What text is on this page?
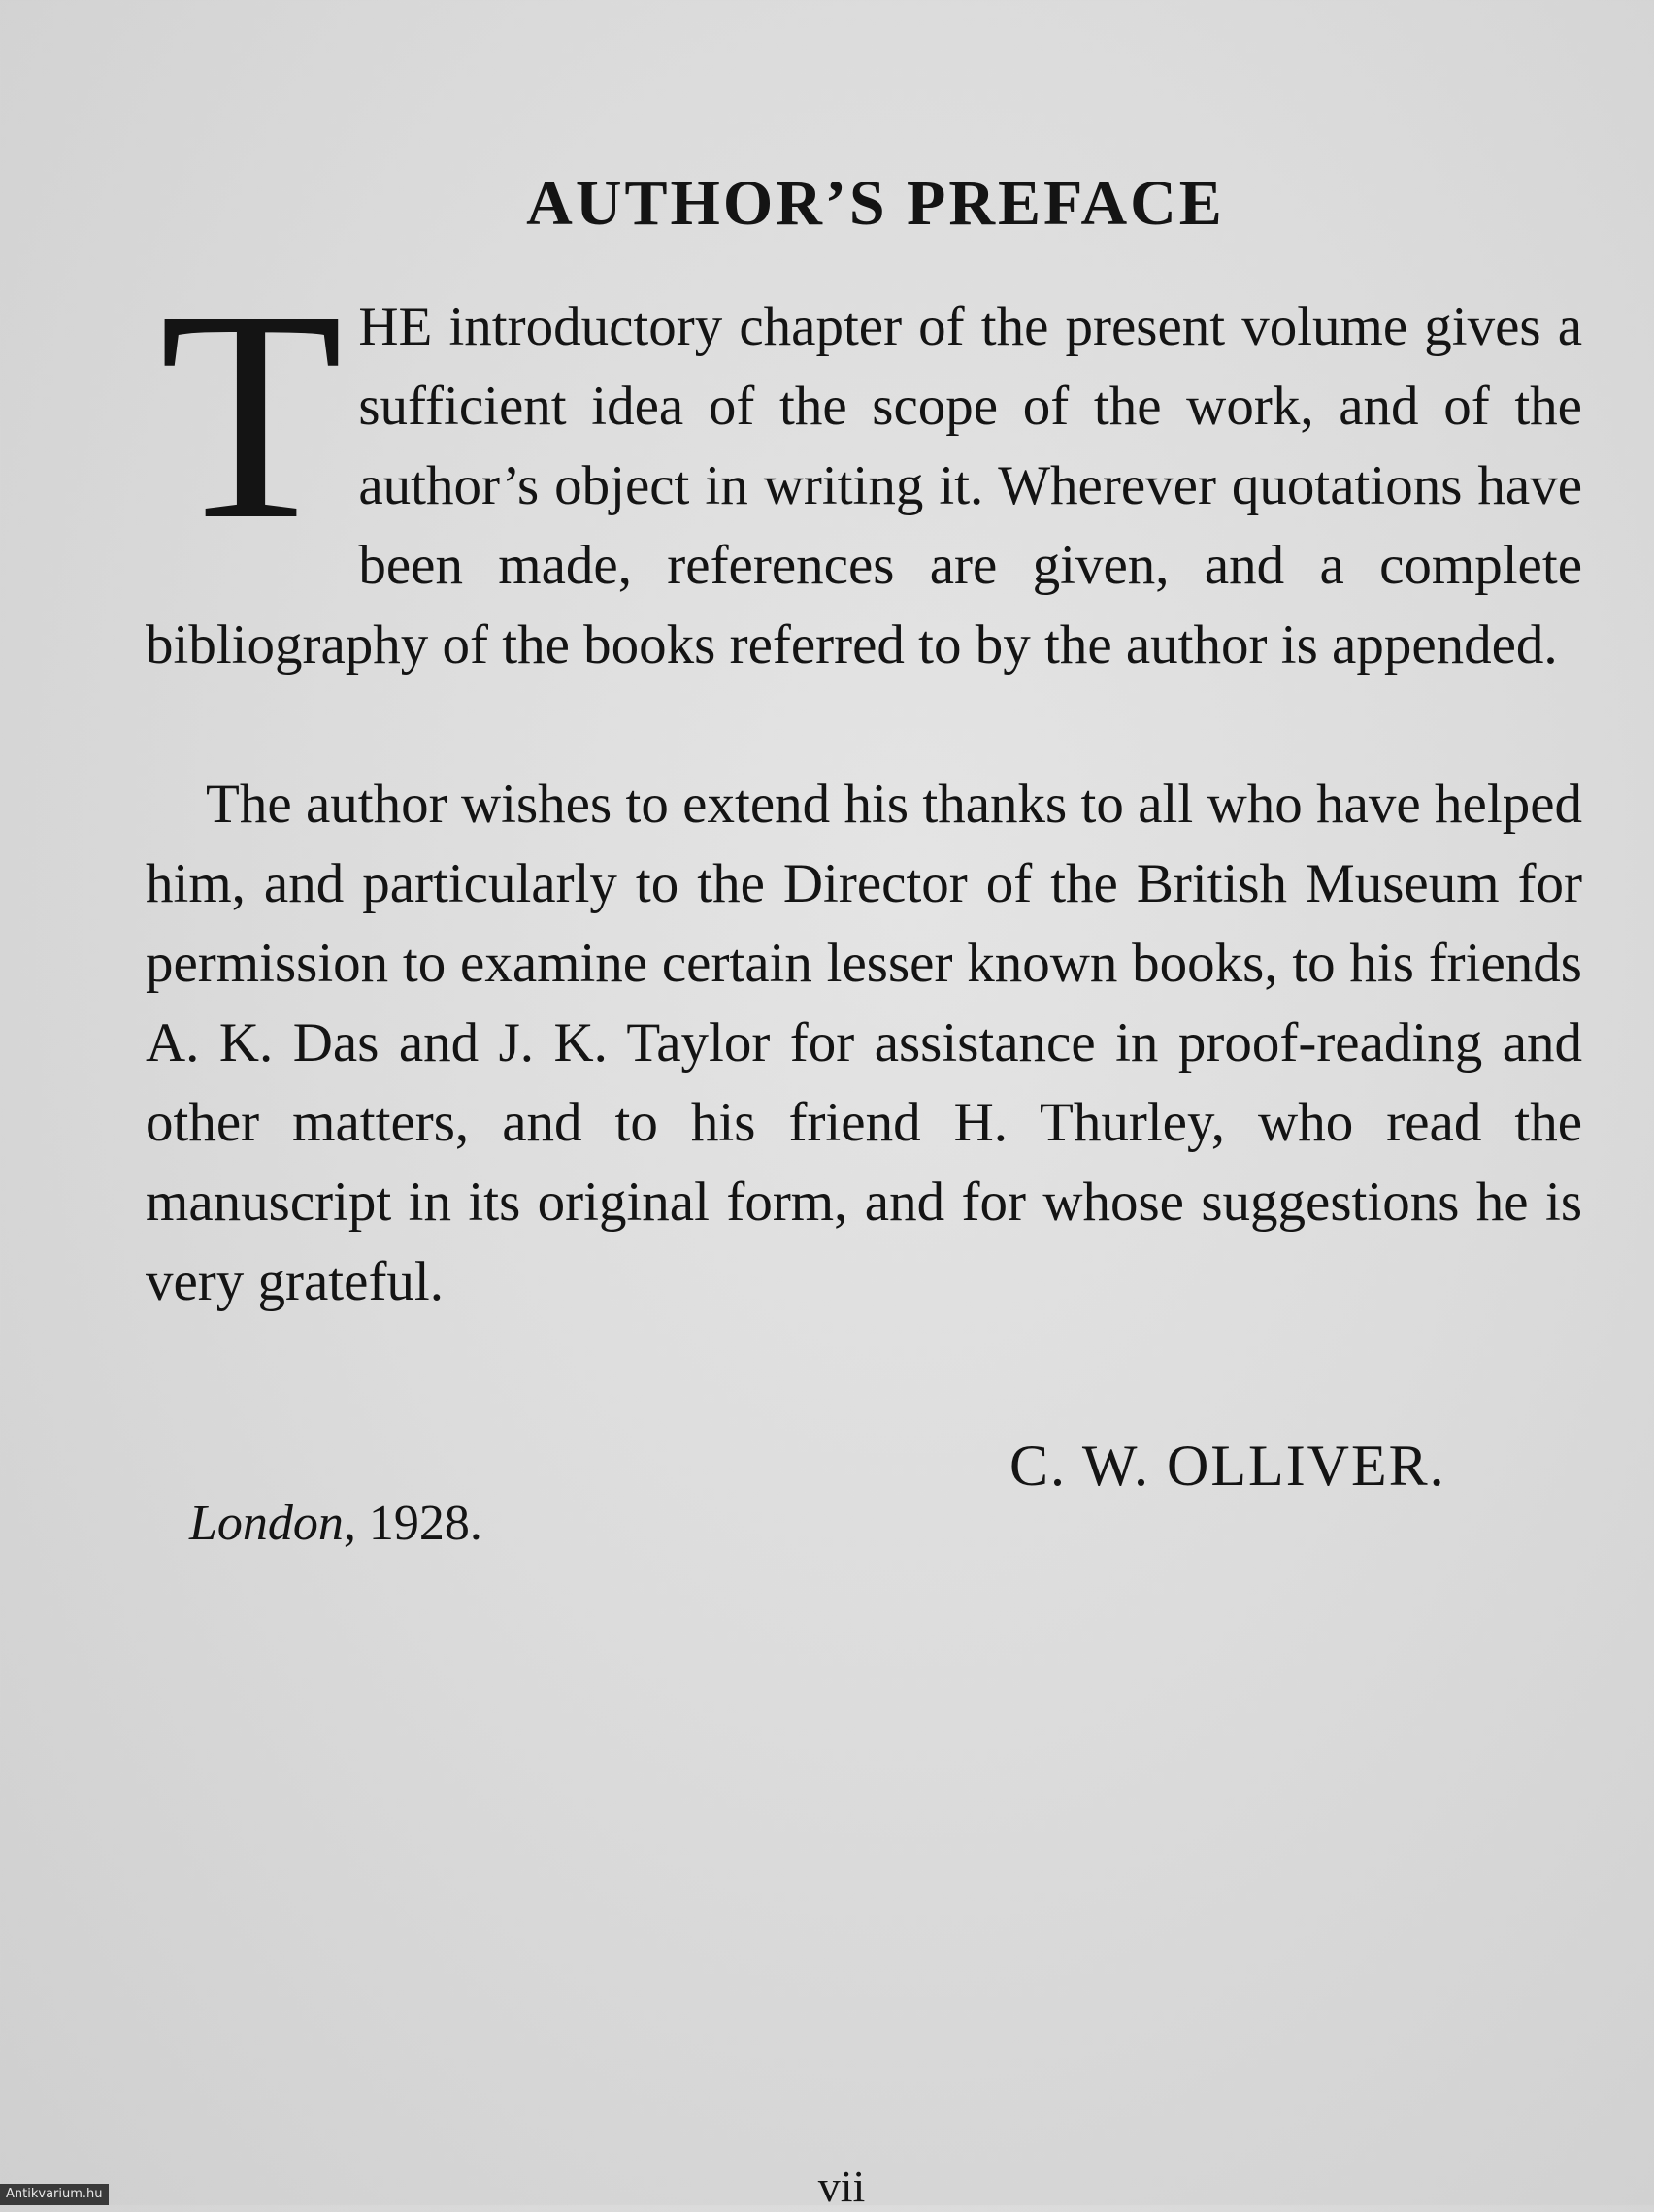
AUTHOR’S PREFACE
THE introductory chapter of the present volume gives a sufficient idea of the scope of the work, and of the author’s object in writing it. Wherever quotations have been made, references are given, and a complete bibliography of the books referred to by the author is appended.
The author wishes to extend his thanks to all who have helped him, and particularly to the Director of the British Museum for permission to examine certain lesser known books, to his friends A. K. Das and J. K. Taylor for assistance in proof-reading and other matters, and to his friend H. Thurley, who read the manuscript in its original form, and for whose suggestions he is very grateful.
C. W. OLLIVER.
London, 1928.
vii
Antikvarium.hu
